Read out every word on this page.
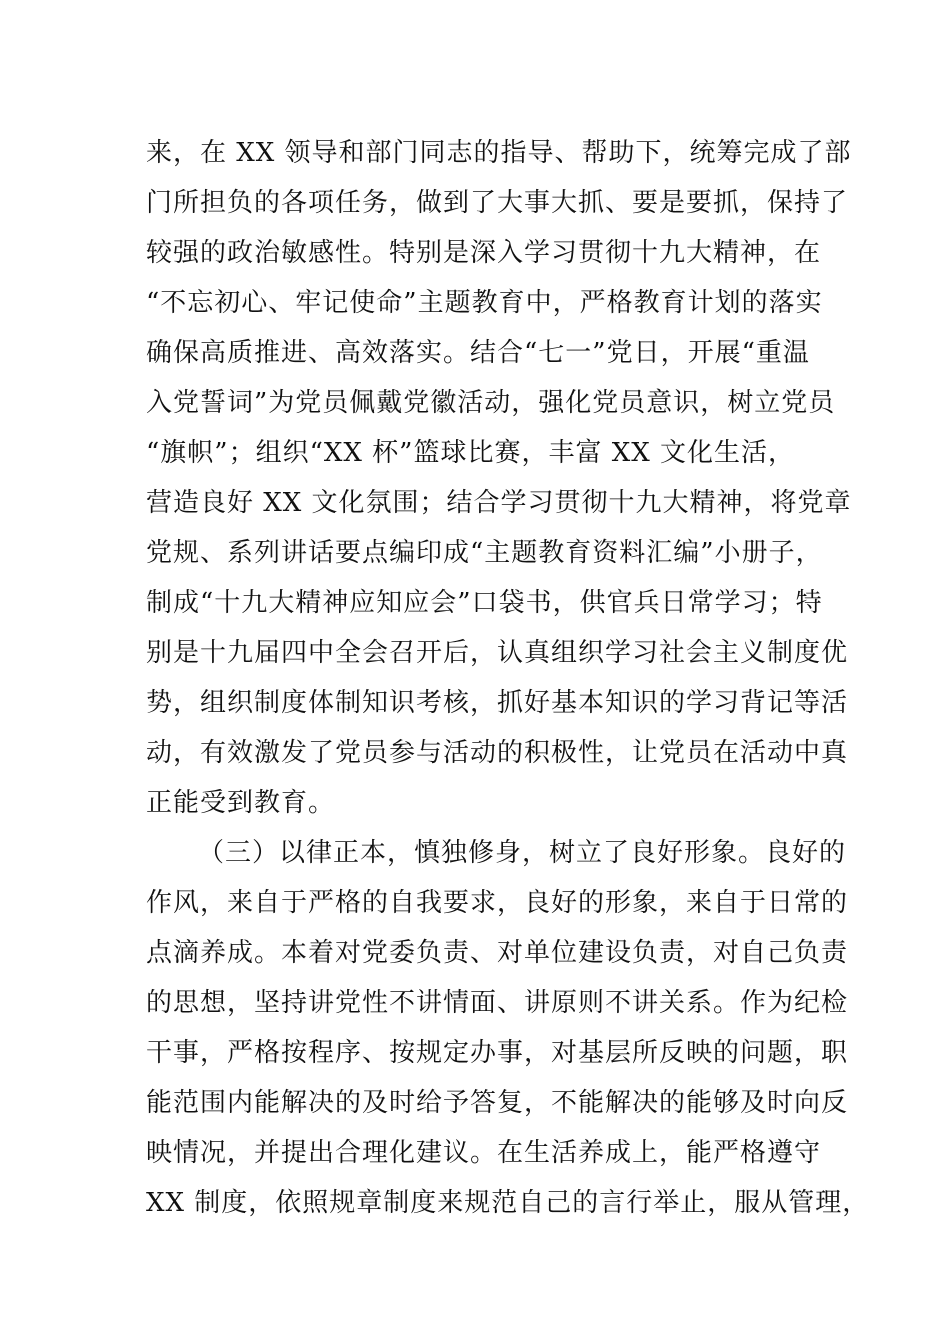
来，在 XX 领导和部门同志的指导、帮助下，统筹完成了部
门所担负的各项任务，做到了大事大抓、要是要抓，保持了
较强的政治敏感性。特别是深入学习贯彻十九大精神，在
“不忘初心、牢记使命”主题教育中，严格教育计划的落实
确保高质推进、高效落实。结合“七一”党日，开展“重温
入党誓词”为党员佩戴党徽活动，强化党员意识，树立党员
“旗帜”；组织“XX 杯”篮球比赛，丰富 XX 文化生活，
营造良好 XX 文化氛围；结合学习贯彻十九大精神，将党章
党规、系列讲话要点编印成“主题教育资料汇编”小册子，
制成“十九大精神应知应会”口袋书，供官兵日常学习；特
别是十九届四中全会召开后，认真组织学习社会主义制度优
势，组织制度体制知识考核，抓好基本知识的学习背记等活
动，有效激发了党员参与活动的积极性，让党员在活动中真
正能受到教育。
（三）以律正本，慎独修身，树立了良好形象。良好的
作风，来自于严格的自我要求，良好的形象，来自于日常的
点滴养成。本着对党委负责、对单位建设负责，对自己负责
的思想，坚持讲党性不讲情面、讲原则不讲关系。作为纪检
干事，严格按程序、按规定办事，对基层所反映的问题，职
能范围内能解决的及时给予答复，不能解决的能够及时向反
映情况，并提出合理化建议。在生活养成上，能严格遵守
XX 制度，依照规章制度来规范自己的言行举止，服从管理，
